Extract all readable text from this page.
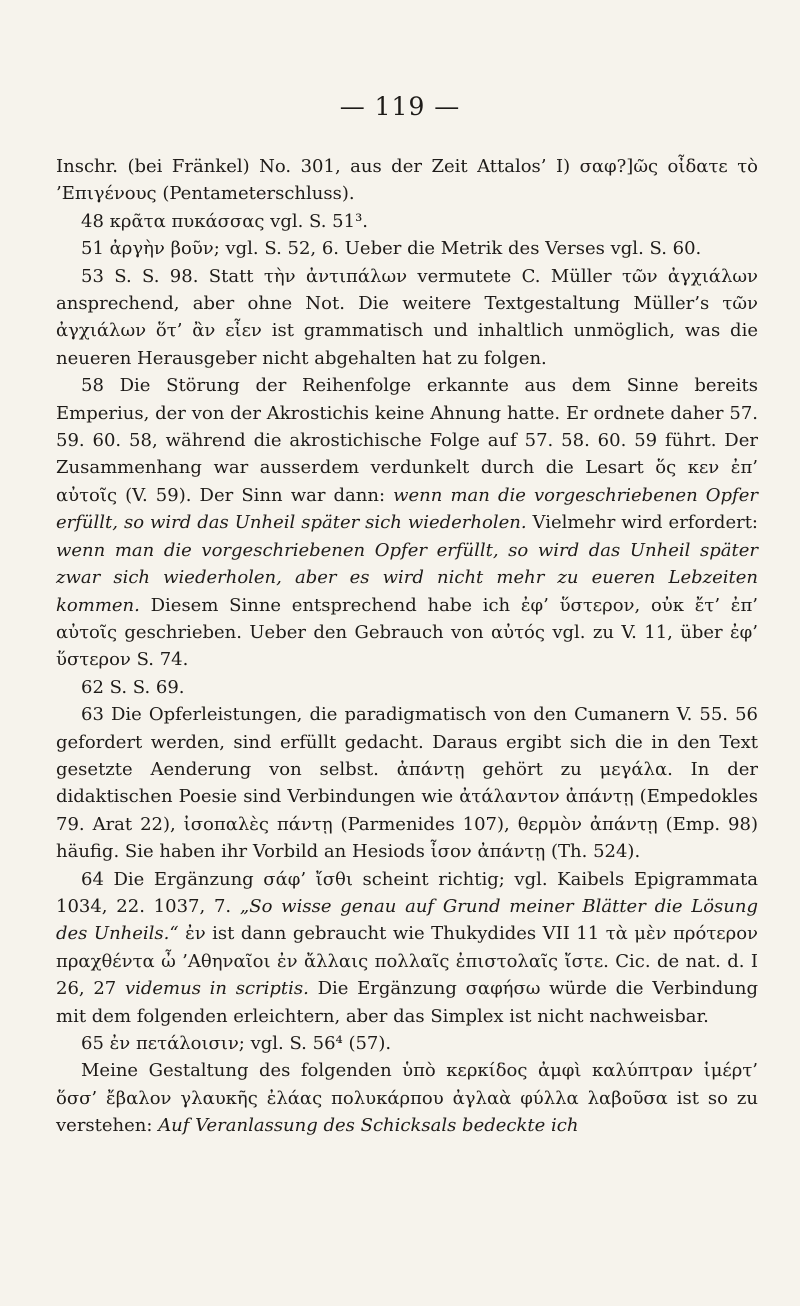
— 119 —

Inschr. (bei Fränkel) No. 301, aus der Zeit Attalos’ I) σαφ?]ῶς οἶδατε τὸ ’Επιγένους (Pentameterschluss).

48 κρᾶτα πυκάσσας vgl. S. 51³.

51 ἀργὴν βοῦν; vgl. S. 52, 6. Ueber die Metrik des Verses vgl. S. 60.

53 S. S. 98. Statt τὴν ἀντιπάλων vermutete C. Müller τῶν ἀγχιάλων ansprechend, aber ohne Not. Die weitere Textgestaltung Müller’s τῶν ἀγχιάλων ὅτ’ ἂν εἶεν ist grammatisch und inhaltlich unmöglich, was die neueren Herausgeber nicht abgehalten hat zu folgen.

58 Die Störung der Reihenfolge erkannte aus dem Sinne bereits Emperius, der von der Akrostichis keine Ahnung hatte. Er ordnete daher 57. 59. 60. 58, während die akrostichische Folge auf 57. 58. 60. 59 führt. Der Zusammenhang war ausserdem verdunkelt durch die Lesart ὅς κεν ἐπ’ αὐτοῖς (V. 59). Der Sinn war dann: wenn man die vorgeschriebenen Opfer erfüllt, so wird das Unheil später sich wiederholen. Vielmehr wird erfordert: wenn man die vorgeschriebenen Opfer erfüllt, so wird das Unheil später zwar sich wiederholen, aber es wird nicht mehr zu eueren Lebzeiten kommen. Diesem Sinne entsprechend habe ich ἐφ’ ὕστερον, οὐκ ἔτ’ ἐπ’ αὐτοῖς geschrieben. Ueber den Gebrauch von αὐτός vgl. zu V. 11, über ἐφ’ ὕστερον S. 74.

62 S. S. 69.

63 Die Opferleistungen, die paradigmatisch von den Cumanern V. 55. 56 gefordert werden, sind erfüllt gedacht. Daraus ergibt sich die in den Text gesetzte Aenderung von selbst. ἀπάντῃ gehört zu μεγάλα. In der didaktischen Poesie sind Verbindungen wie ἀτάλαντον ἀπάντῃ (Empedokles 79. Arat 22), ἰσοπαλὲς πάντῃ (Parmenides 107), θερμὸν ἀπάντῃ (Emp. 98) häufig. Sie haben ihr Vorbild an Hesiods ἶσον ἀπάντῃ (Th. 524).

64 Die Ergänzung σάφ’ ἴσθι scheint richtig; vgl. Kaibels Epigrammata 1034, 22. 1037, 7. „So wisse genau auf Grund meiner Blätter die Lösung des Unheils.“ ἐν ist dann gebraucht wie Thukydides VII 11 τὰ μὲν πρότερον πραχθέντα ὦ ’Αθηναῖοι ἐν ἄλλαις πολλαῖς ἐπιστολαῖς ἴστε. Cic. de nat. d. I 26, 27 videmus in scriptis. Die Ergänzung σαφήσω würde die Verbindung mit dem folgenden erleichtern, aber das Simplex ist nicht nachweisbar.

65 ἐν πετάλοισιν; vgl. S. 56⁴ (57).

Meine Gestaltung des folgenden ὑπὸ κερκίδος ἀμφὶ καλύπτραν ἱμέρτ’ ὅσσ’ ἔβαλον γλαυκῆς ἐλάας πολυκάρπου ἀγλαὰ φύλλα λαβοῦσα ist so zu verstehen: Auf Veranlassung des Schicksals bedeckte ich
